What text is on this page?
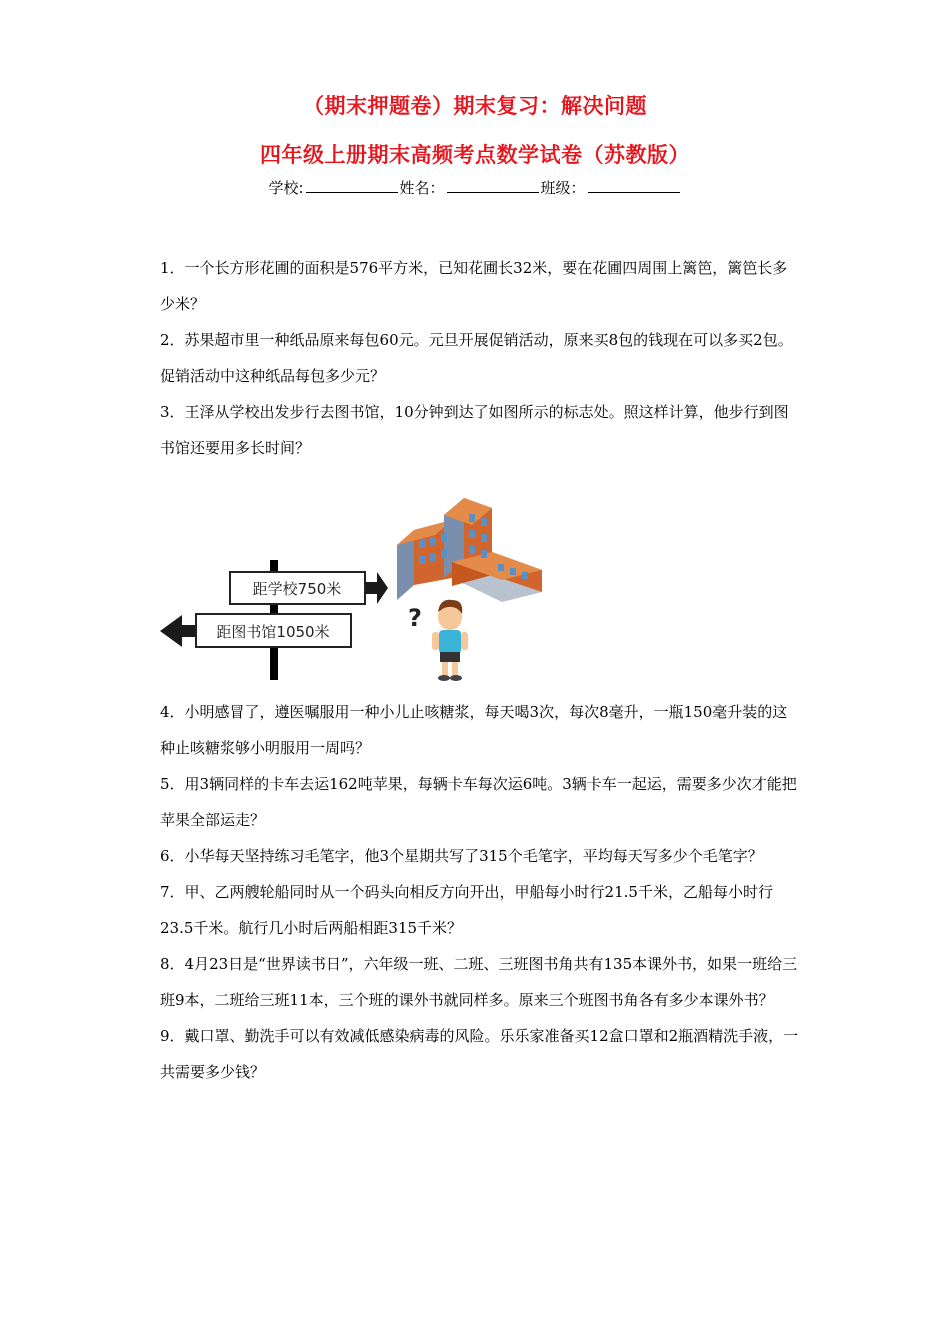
（期末押题卷）期末复习：解决问题
四年级上册期末高频考点数学试卷（苏教版）
学校:	姓名：	班级：

1．一个长方形花圃的面积是576平方米，已知花圃长32米，要在花圃四周围上篱笆，篱笆长多少米？

2．苏果超市里一种纸品原来每包60元。元旦开展促销活动，原来买8包的钱现在可以多买2包。促销活动中这种纸品每包多少元？

3．王泽从学校出发步行去图书馆，10分钟到达了如图所示的标志处。照这样计算，他步行到图书馆还要用多长时间？

距学校750米
距图书馆1050米	?

4．小明感冒了，遵医嘱服用一种小儿止咳糖浆，每天喝3次，每次8毫升，一瓶150毫升装的这种止咳糖浆够小明服用一周吗？

5．用3辆同样的卡车去运162吨苹果，每辆卡车每次运6吨。3辆卡车一起运，需要多少次才能把苹果全部运走？

6．小华每天坚持练习毛笔字，他3个星期共写了315个毛笔字，平均每天写多少个毛笔字？

7．甲、乙两艘轮船同时从一个码头向相反方向开出，甲船每小时行21.5千米，乙船每小时行23.5千米。航行几小时后两船相距315千米？

8．4月23日是“世界读书日”，六年级一班、二班、三班图书角共有135本课外书，如果一班给三班9本，二班给三班11本，三个班的课外书就同样多。原来三个班图书角各有多少本课外书？

9．戴口罩、勤洗手可以有效减低感染病毒的风险。乐乐家准备买12盒口罩和2瓶酒精洗手液，一共需要多少钱？
